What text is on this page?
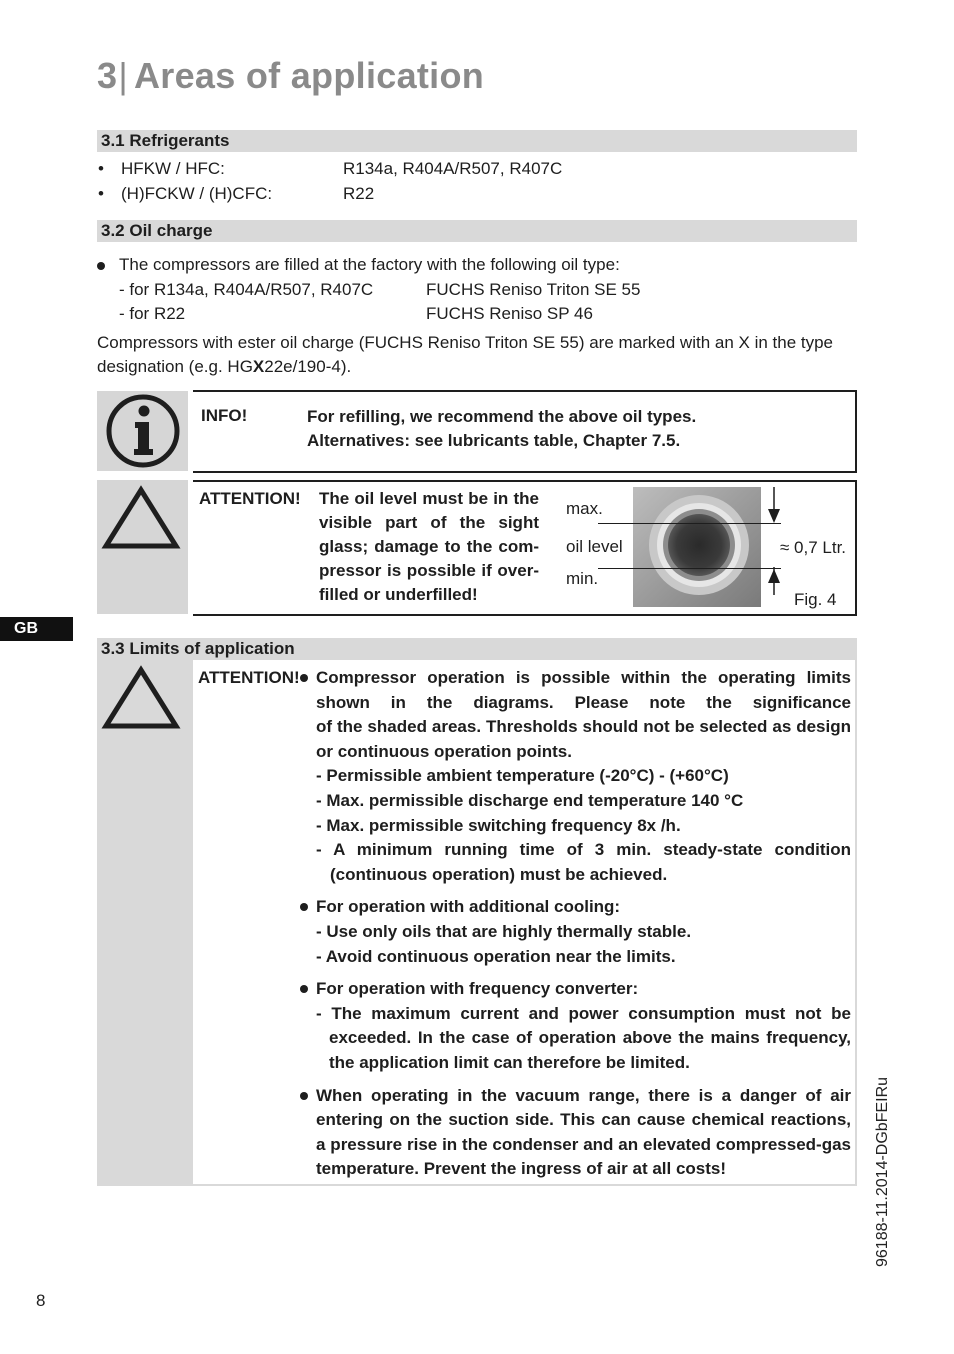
3| Areas of application
3.1 Refrigerants
• HFKW / HFC:	R134a, R404A/R507, R407C
• (H)FCKW / (H)CFC:	R22
3.2 Oil charge
The compressors are filled at the factory with the following oil type:
- for R134a, R404A/R507, R407C	FUCHS Reniso Triton SE 55
- for R22	FUCHS Reniso SP 46
Compressors with ester oil charge (FUCHS Reniso Triton SE 55) are marked with an X in the type
designation (e.g. HGX22e/190-4).
INFO!	For refilling, we recommend the above oil types.
Alternatives: see lubricants table, Chapter 7.5.
ATTENTION! The oil level must be in the
visible part of the sight
glass; damage to the com-
pressor is possible if over-
filled or underfilled!
max.
oil level
min.
≈ 0,7 Ltr.
Fig. 4
GB
3.3 Limits of application
ATTENTION! Compressor operation is possible within the operating limits
shown in the diagrams. Please note the significance
of the shaded areas. Thresholds should not be selected as design
or continuous operation points.
- Permissible ambient temperature (-20°C) - (+60°C)
- Max. permissible discharge end temperature 140 °C
- Max. permissible switching frequency 8x /h.
- A minimum running time of 3 min. steady-state condition
(continuous operation) must be achieved.
For operation with additional cooling:
- Use only oils that are highly thermally stable.
- Avoid continuous operation near the limits.
For operation with frequency converter:
- The maximum current and power consumption must not be
exceeded. In the case of operation above the mains frequency,
the application limit can therefore be limited.
When operating in the vacuum range, there is a danger of air
entering on the suction side. This can cause chemical reactions,
a pressure rise in the condenser and an elevated compressed-gas
temperature. Prevent the ingress of air at all costs!	96188-11.2014-DGbFEIRu
8
